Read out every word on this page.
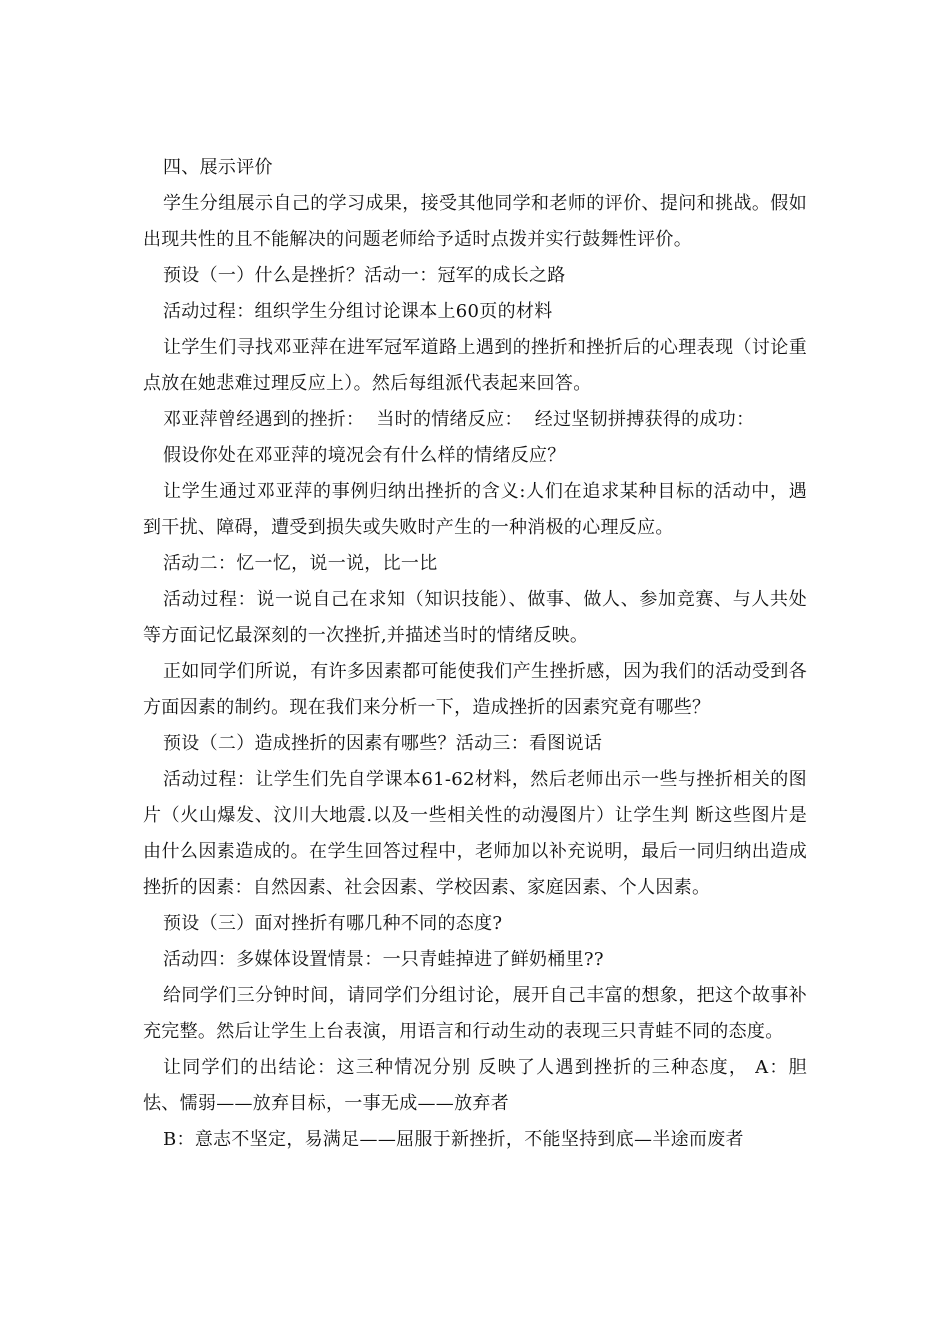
四、展示评价

学生分组展示自己的学习成果，接受其他同学和老师的评价、提问和挑战。假如出现共性的且不能解决的问题老师给予适时点拨并实行鼓舞性评价。

预设（一）什么是挫折？活动一：冠军的成长之路

活动过程：组织学生分组讨论课本上60页的材料

让学生们寻找邓亚萍在进军冠军道路上遇到的挫折和挫折后的心理表现（讨论重点放在她悲难过理反应上）。然后每组派代表起来回答。

邓亚萍曾经遇到的挫折：  当时的情绪反应：  经过坚韧拼搏获得的成功：

假设你处在邓亚萍的境况会有什么样的情绪反应？

让学生通过邓亚萍的事例归纳出挫折的含义:人们在追求某种目标的活动中，遇到干扰、障碍，遭受到损失或失败时产生的一种消极的心理反应。

活动二：忆一忆，说一说，比一比

活动过程：说一说自己在求知（知识技能）、做事、做人、参加竞赛、与人共处等方面记忆最深刻的一次挫折,并描述当时的情绪反映。

正如同学们所说，有许多因素都可能使我们产生挫折感，因为我们的活动受到各方面因素的制约。现在我们来分析一下，造成挫折的因素究竟有哪些？

预设（二）造成挫折的因素有哪些？活动三：看图说话

活动过程：让学生们先自学课本61-62材料，然后老师出示一些与挫折相关的图片（火山爆发、汶川大地震.以及一些相关性的动漫图片）让学生判 断这些图片是由什么因素造成的。在学生回答过程中，老师加以补充说明，最后一同归纳出造成挫折的因素：自然因素、社会因素、学校因素、家庭因素、个人因素。

预设（三）面对挫折有哪几种不同的态度?

活动四：多媒体设置情景：一只青蛙掉进了鲜奶桶里??

给同学们三分钟时间，请同学们分组讨论，展开自己丰富的想象，把这个故事补充完整。然后让学生上台表演，用语言和行动生动的表现三只青蛙不同的态度。

让同学们的出结论：这三种情况分别 反映了人遇到挫折的三种态度， A：胆怯、懦弱——放弃目标，一事无成——放弃者

B：意志不坚定，易满足——屈服于新挫折，不能坚持到底—半途而废者
